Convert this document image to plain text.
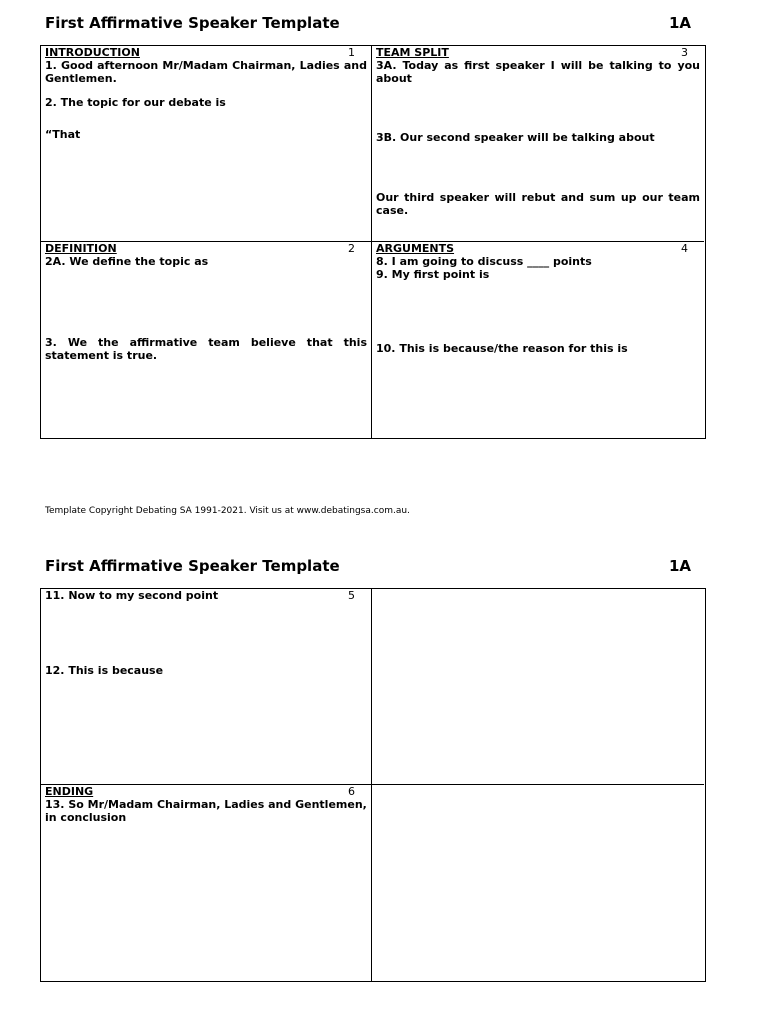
First Affirmative Speaker Template	1A
INTRODUCTION	1
1. Good afternoon Mr/Madam Chairman, Ladies and Gentlemen.
2. The topic for our debate is
“That
TEAM SPLIT	3
3A. Today as first speaker I will be talking to you about
3B. Our second speaker will be talking about
Our third speaker will rebut and sum up our team case.
DEFINITION	2
2A. We define the topic as
3. We the affirmative team believe that this statement is true.
ARGUMENTS	4
8. I am going to discuss ____ points
9. My first point is
10. This is because/the reason for this is
Template Copyright Debating SA 1991-2021. Visit us at www.debatingsa.com.au.
First Affirmative Speaker Template	1A
5
11. Now to my second point
12. This is because
ENDING	6
13. So Mr/Madam Chairman, Ladies and Gentlemen, in conclusion
